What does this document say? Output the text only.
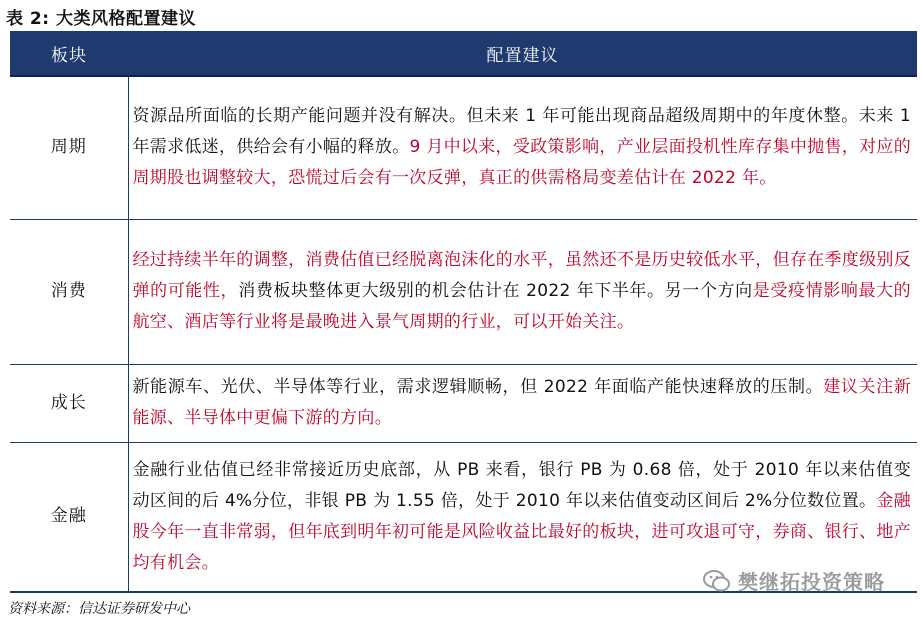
表 2: 大类风格配置建议
板块	配置建议
周期	资源品所面临的长期产能问题并没有解决。但未来 1 年可能出现商品超级周期中的年度休整。未来 1 年需求低迷，供给会有小幅的释放。9 月中以来，受政策影响，产业层面投机性库存集中抛售，对应的周期股也调整较大，恐慌过后会有一次反弹，真正的供需格局变差估计在 2022 年。
消费	经过持续半年的调整，消费估值已经脱离泡沫化的水平，虽然还不是历史较低水平，但存在季度级别反弹的可能性，消费板块整体更大级别的机会估计在 2022 年下半年。另一个方向是受疫情影响最大的航空、酒店等行业将是最晚进入景气周期的行业，可以开始关注。
成长	新能源车、光伏、半导体等行业，需求逻辑顺畅，但 2022 年面临产能快速释放的压制。建议关注新能源、半导体中更偏下游的方向。
金融	金融行业估值已经非常接近历史底部，从 PB 来看，银行 PB 为 0.68 倍，处于 2010 年以来估值变动区间的后 4%分位，非银 PB 为 1.55 倍，处于 2010 年以来估值变动区间后 2%分位数位置。金融股今年一直非常弱，但年底到明年初可能是风险收益比最好的板块，进可攻退可守，券商、银行、地产均有机会。
樊继拓投资策略
资料来源：信达证券研发中心
